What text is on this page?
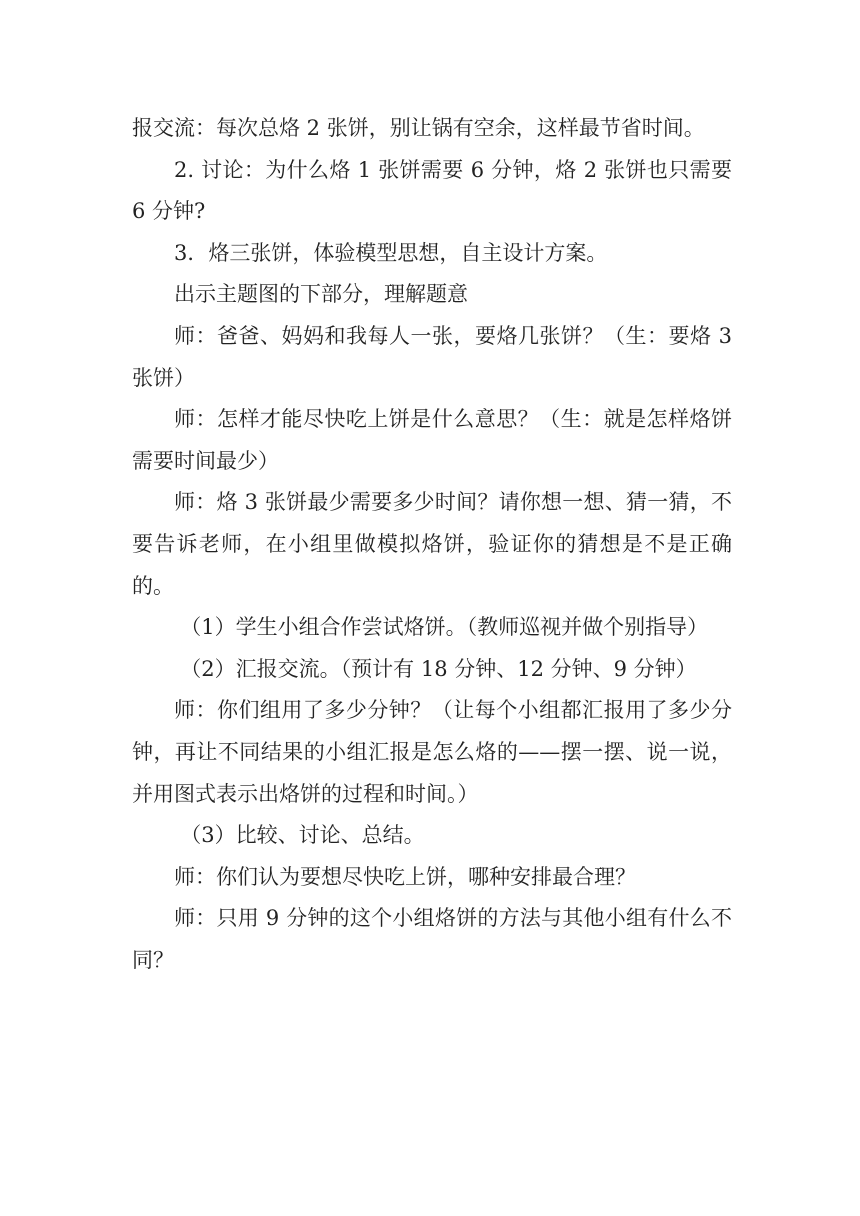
报交流：每次总烙 2 张饼，别让锅有空余，这样最节省时间。

2. 讨论：为什么烙 1 张饼需要 6 分钟，烙 2 张饼也只需要 6 分钟?

3．烙三张饼，体验模型思想，自主设计方案。

出示主题图的下部分，理解题意

师：爸爸、妈妈和我每人一张，要烙几张饼？（生：要烙 3 张饼）

师：怎样才能尽快吃上饼是什么意思？（生：就是怎样烙饼需要时间最少）

师：烙 3 张饼最少需要多少时间？请你想一想、猜一猜，不要告诉老师，在小组里做模拟烙饼，验证你的猜想是不是正确的。

（1）学生小组合作尝试烙饼。（教师巡视并做个别指导）

（2）汇报交流。（预计有 18 分钟、12 分钟、9 分钟）

师：你们组用了多少分钟？（让每个小组都汇报用了多少分钟，再让不同结果的小组汇报是怎么烙的——摆一摆、说一说，并用图式表示出烙饼的过程和时间。）

（3）比较、讨论、总结。

师：你们认为要想尽快吃上饼，哪种安排最合理？

师：只用 9 分钟的这个小组烙饼的方法与其他小组有什么不同？
